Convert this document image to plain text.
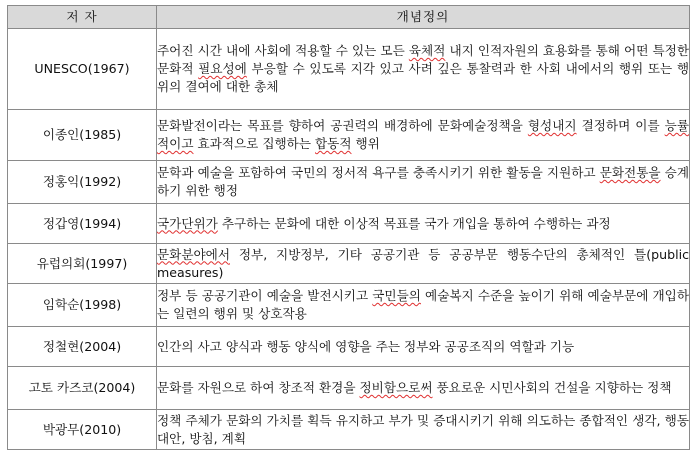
저 자	개념정의
UNESCO(1967)	주어진 시간 내에 사회에 적용할 수 있는 모든 육체적 내지 인적자원의 효용화를 통해 어떤 특정한 문화적 필요성에 부응할 수 있도록 지각 있고 사려 깊은 통찰력과 한 사회 내에서의 행위 또는 행위의 결여에 대한 총체
이종인(1985)	문화발전이라는 목표를 향하여 공권력의 배경하에 문화예술정책을 형성내지 결정하며 이를 능률적이고 효과적으로 집행하는 합동적 행위
정홍익(1992)	문학과 예술을 포함하여 국민의 정서적 욕구를 충족시키기 위한 활동을 지원하고 문화전통을 승계하기 위한 행정
정갑영(1994)	국가단위가 추구하는 문화에 대한 이상적 목표를 국가 개입을 통하여 수행하는 과정
유럽의회(1997)	문화분야에서 정부, 지방정부, 기타 공공기관 등 공공부문 행동수단의 총체적인 틀(public measures)
임학순(1998)	정부 등 공공기관이 예술을 발전시키고 국민들의 예술복지 수준을 높이기 위해 예술부문에 개입하는 일련의 행위 및 상호작용
정철현(2004)	인간의 사고 양식과 행동 양식에 영향을 주는 정부와 공공조직의 역할과 기능
고토 카즈코(2004)	문화를 자원으로 하여 창조적 환경을 정비함으로써 풍요로운 시민사회의 건설을 지향하는 정책
박광무(2010)	정책 주체가 문화의 가치를 획득 유지하고 부가 및 증대시키기 위해 의도하는 종합적인 생각, 행동 대안, 방침, 계획
